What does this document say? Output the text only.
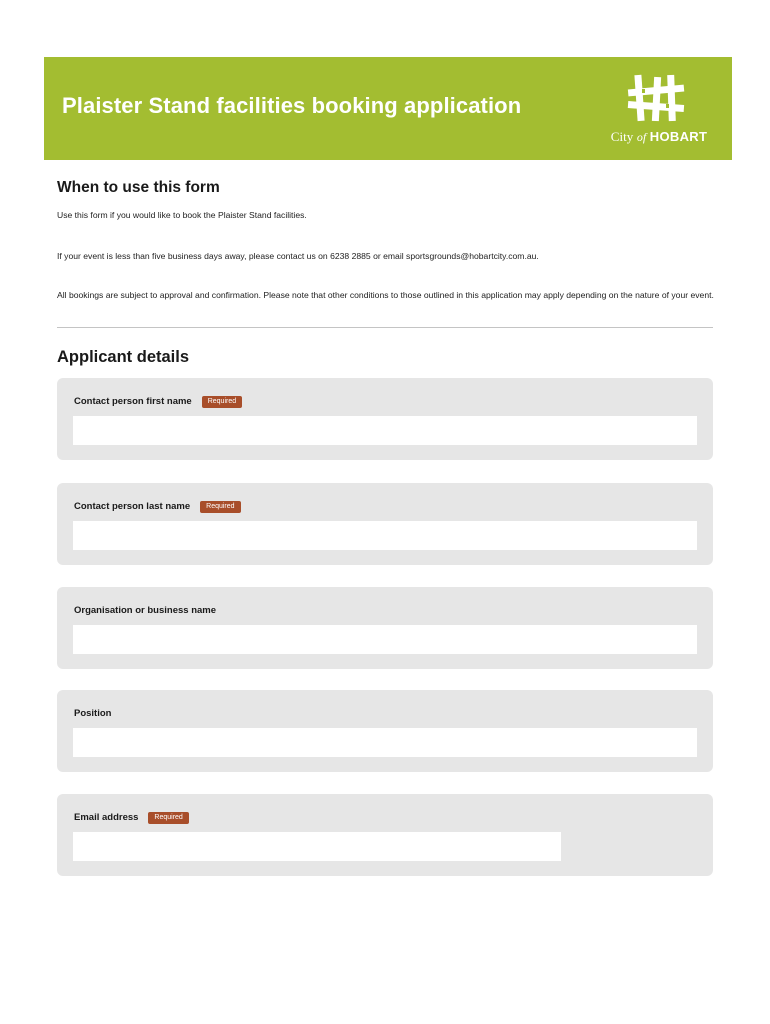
Plaister Stand facilities booking application
City of HOBART
When to use this form
Use this form if you would like to book the Plaister Stand facilities.
If your event is less than five business days away, please contact us on 6238 2885 or email sportsgrounds@hobartcity.com.au.
All bookings are subject to approval and confirmation. Please note that other conditions to those outlined in this application may apply depending on the nature of your event.
Applicant details
Contact person first name Required
Contact person last name Required
Organisation or business name
Position
Email address Required
